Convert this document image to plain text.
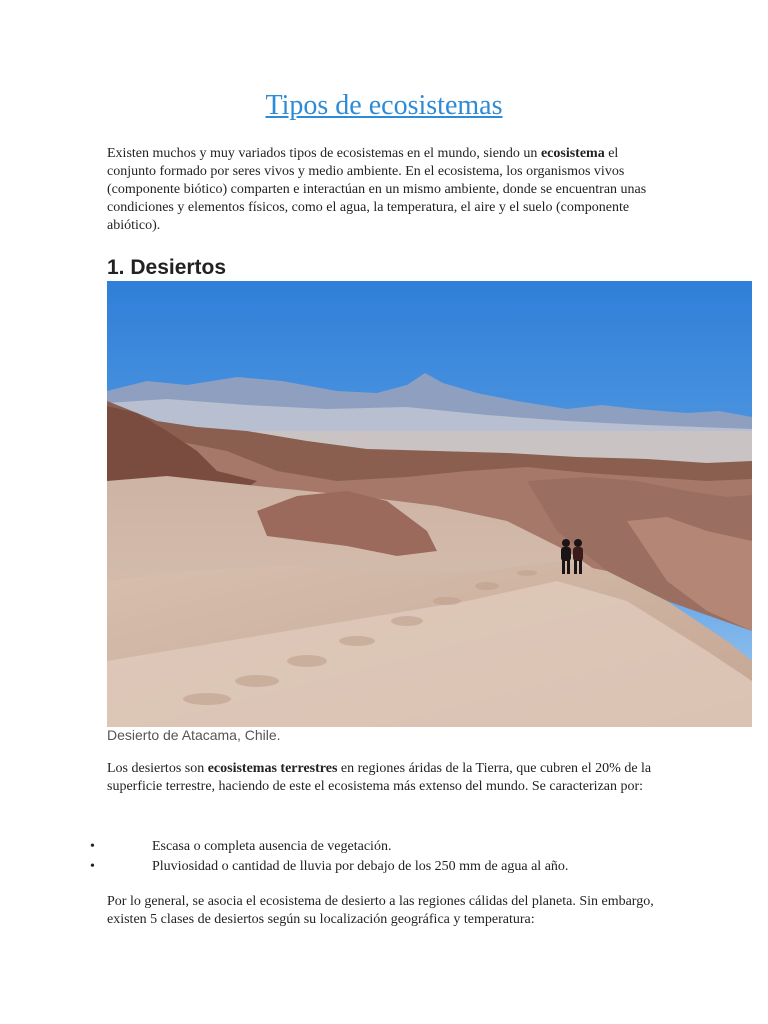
Tipos de ecosistemas

Existen muchos y muy variados tipos de ecosistemas en el mundo, siendo un ecosistema el conjunto formado por seres vivos y medio ambiente. En el ecosistema, los organismos vivos (componente biótico) comparten e interactúan en un mismo ambiente, donde se encuentran unas condiciones y elementos físicos, como el agua, la temperatura, el aire y el suelo (componente abiótico).

1. Desiertos

Desierto de Atacama, Chile.

Los desiertos son ecosistemas terrestres en regiones áridas de la Tierra, que cubren el 20% de la superficie terrestre, haciendo de este el ecosistema más extenso del mundo. Se caracterizan por:

•	Escasa o completa ausencia de vegetación.
•	Pluviosidad o cantidad de lluvia por debajo de los 250 mm de agua al año.

Por lo general, se asocia el ecosistema de desierto a las regiones cálidas del planeta. Sin embargo, existen 5 clases de desiertos según su localización geográfica y temperatura:
